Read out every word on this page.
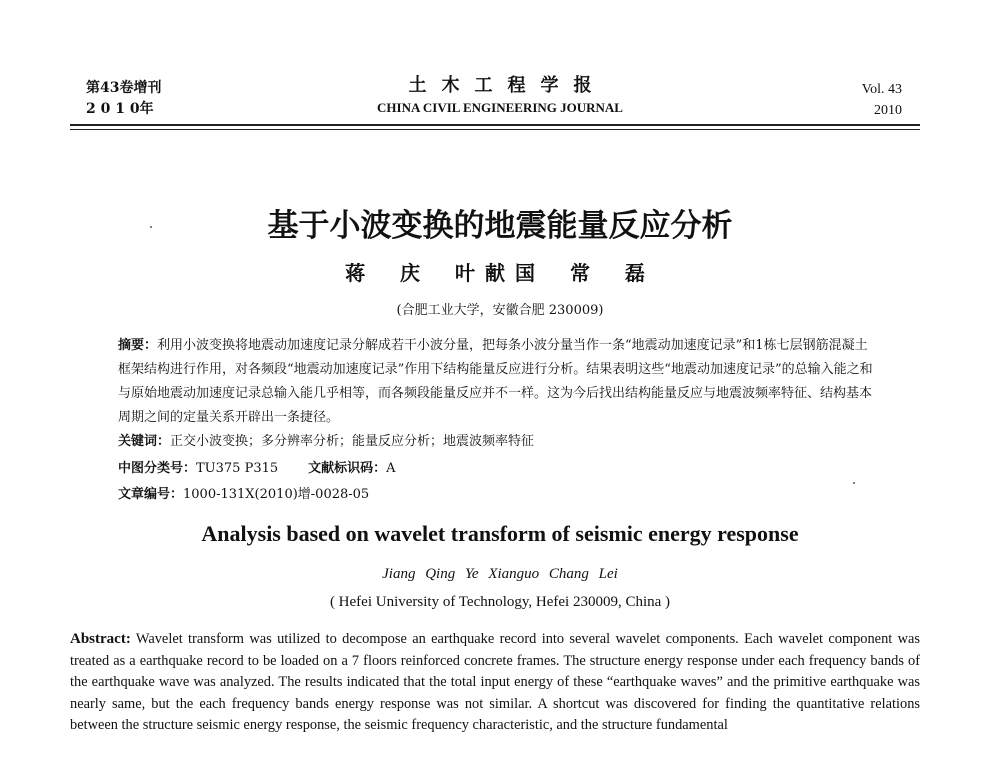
第43卷增刊
2 0 1 0年
土木工程学报
CHINA CIVIL ENGINEERING JOURNAL
Vol. 43
2010
基于小波变换的地震能量反应分析
蒋 庆 叶献国 常 磊
(合肥工业大学，安徽合肥 230009)
摘要：利用小波变换将地震动加速度记录分解成若干小波分量，把每条小波分量当作一条“地震动加速度记录”和1栋七层钢筋混凝土框架结构进行作用，对各频段“地震动加速度记录”作用下结构能量反应进行分析。结果表明这些“地震动加速度记录”的总输入能之和与原始地震动加速度记录总输入能几乎相等，而各频段能量反应并不一样。这为今后找出结构能量反应与地震波频率特征、结构基本周期之间的定量关系开辟出一条捷径。
关键词：正交小波变换；多分辨率分析；能量反应分析；地震波频率特征
中图分类号：TU375 P315 文献标识码：A
文章编号：1000-131X(2010)增-0028-05
Analysis based on wavelet transform of seismic energy response
Jiang Qing Ye Xianguo Chang Lei
( Hefei University of Technology, Hefei 230009, China )
Abstract: Wavelet transform was utilized to decompose an earthquake record into several wavelet components. Each wavelet component was treated as a earthquake record to be loaded on a 7 floors reinforced concrete frames. The structure energy response under each frequency bands of the earthquake wave was analyzed. The results indicated that the total input energy of these “earthquake waves” and the primitive earthquake was nearly same, but the each frequency bands energy response was not similar. A shortcut was discovered for finding the quantitative relations between the structure seismic energy response, the seismic frequency characteristic, and the structure fundamental
